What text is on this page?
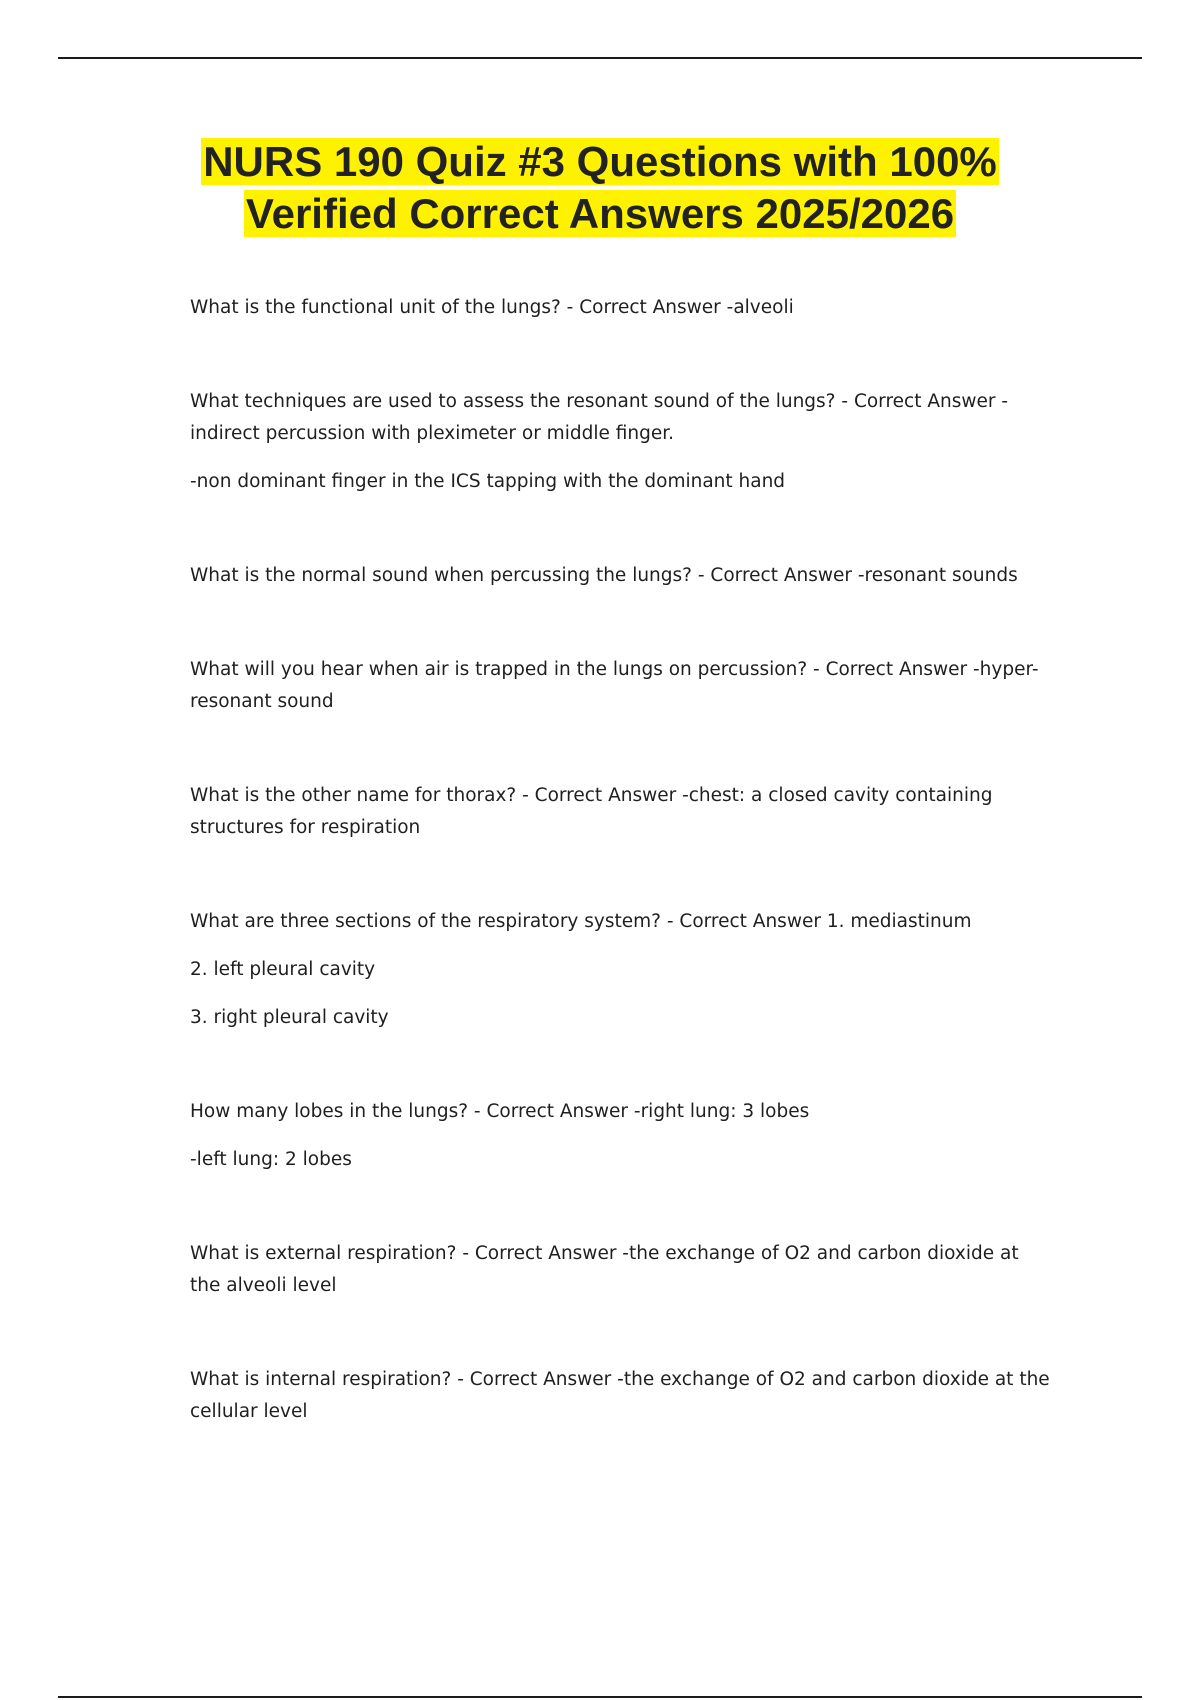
NURS 190 Quiz #3 Questions with 100% Verified Correct Answers 2025/2026

What is the functional unit of the lungs? - Correct Answer -alveoli

What techniques are used to assess the resonant sound of the lungs? - Correct Answer - indirect percussion with pleximeter or middle finger.

-non dominant finger in the ICS tapping with the dominant hand

What is the normal sound when percussing the lungs? - Correct Answer -resonant sounds

What will you hear when air is trapped in the lungs on percussion? - Correct Answer -hyper-resonant sound

What is the other name for thorax? - Correct Answer -chest: a closed cavity containing structures for respiration

What are three sections of the respiratory system? - Correct Answer 1. mediastinum

2. left pleural cavity

3. right pleural cavity

How many lobes in the lungs? - Correct Answer -right lung: 3 lobes

-left lung: 2 lobes

What is external respiration? - Correct Answer -the exchange of O2 and carbon dioxide at the alveoli level

What is internal respiration? - Correct Answer -the exchange of O2 and carbon dioxide at the cellular level
